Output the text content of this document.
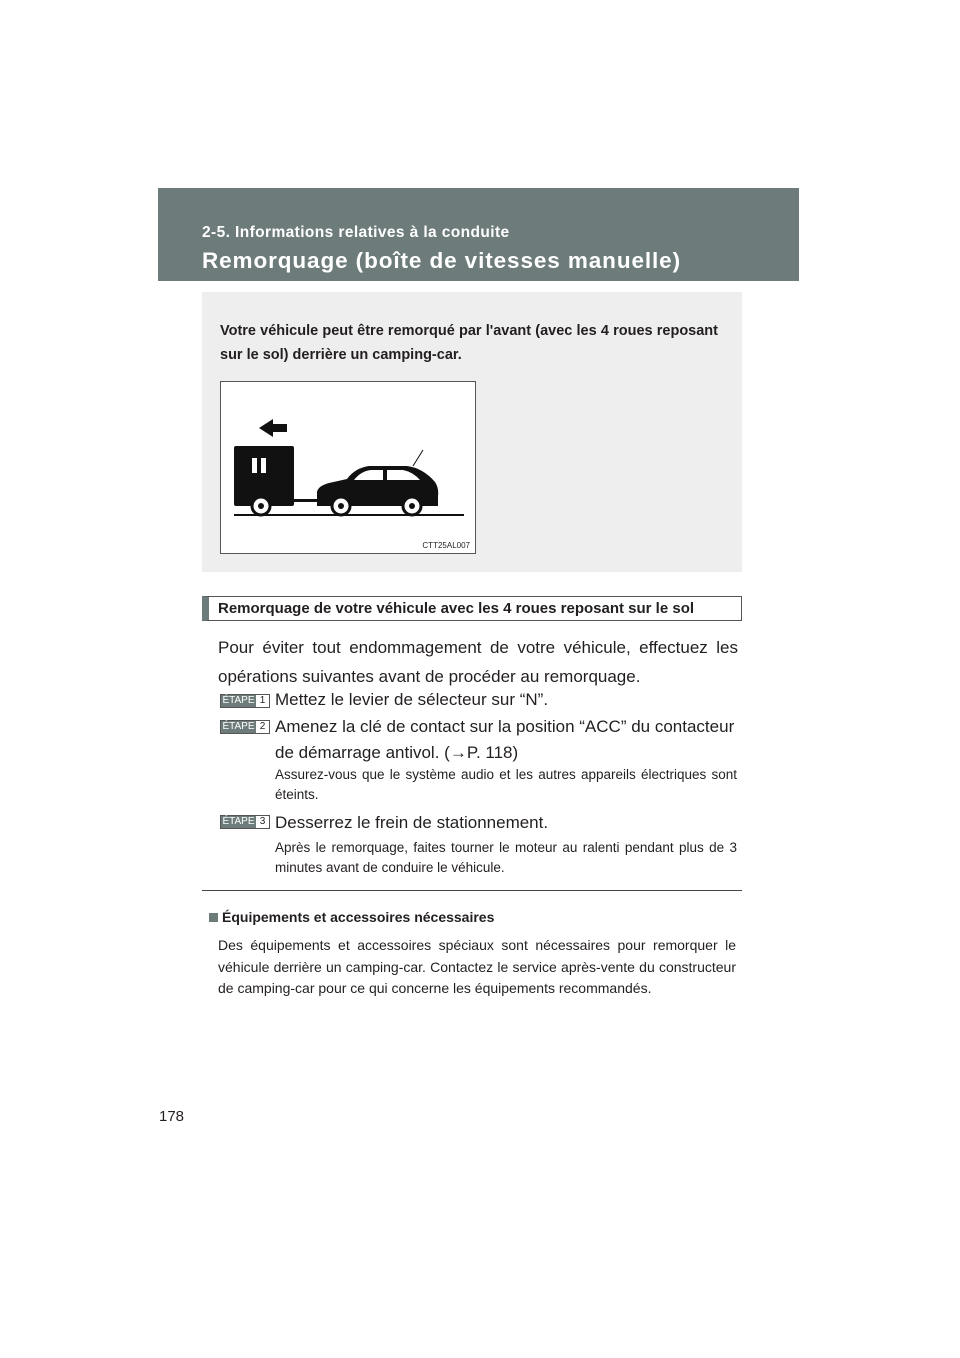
2-5. Informations relatives à la conduite
Remorquage (boîte de vitesses manuelle)
Votre véhicule peut être remorqué par l'avant (avec les 4 roues reposant sur le sol) derrière un camping-car.
CTT25AL007
Remorquage de votre véhicule avec les 4 roues reposant sur le sol
Pour éviter tout endommagement de votre véhicule, effectuez les opérations suivantes avant de procéder au remorquage.
ÉTAPE 1 Mettez le levier de sélecteur sur “N”.
ÉTAPE 2 Amenez la clé de contact sur la position “ACC” du contacteur de démarrage antivol. (→P. 118)
Assurez-vous que le système audio et les autres appareils électriques sont éteints.
ÉTAPE 3 Desserrez le frein de stationnement.
Après le remorquage, faites tourner le moteur au ralenti pendant plus de 3 minutes avant de conduire le véhicule.
Équipements et accessoires nécessaires
Des équipements et accessoires spéciaux sont nécessaires pour remorquer le véhicule derrière un camping-car. Contactez le service après-vente du constructeur de camping-car pour ce qui concerne les équipements recommandés.
178
